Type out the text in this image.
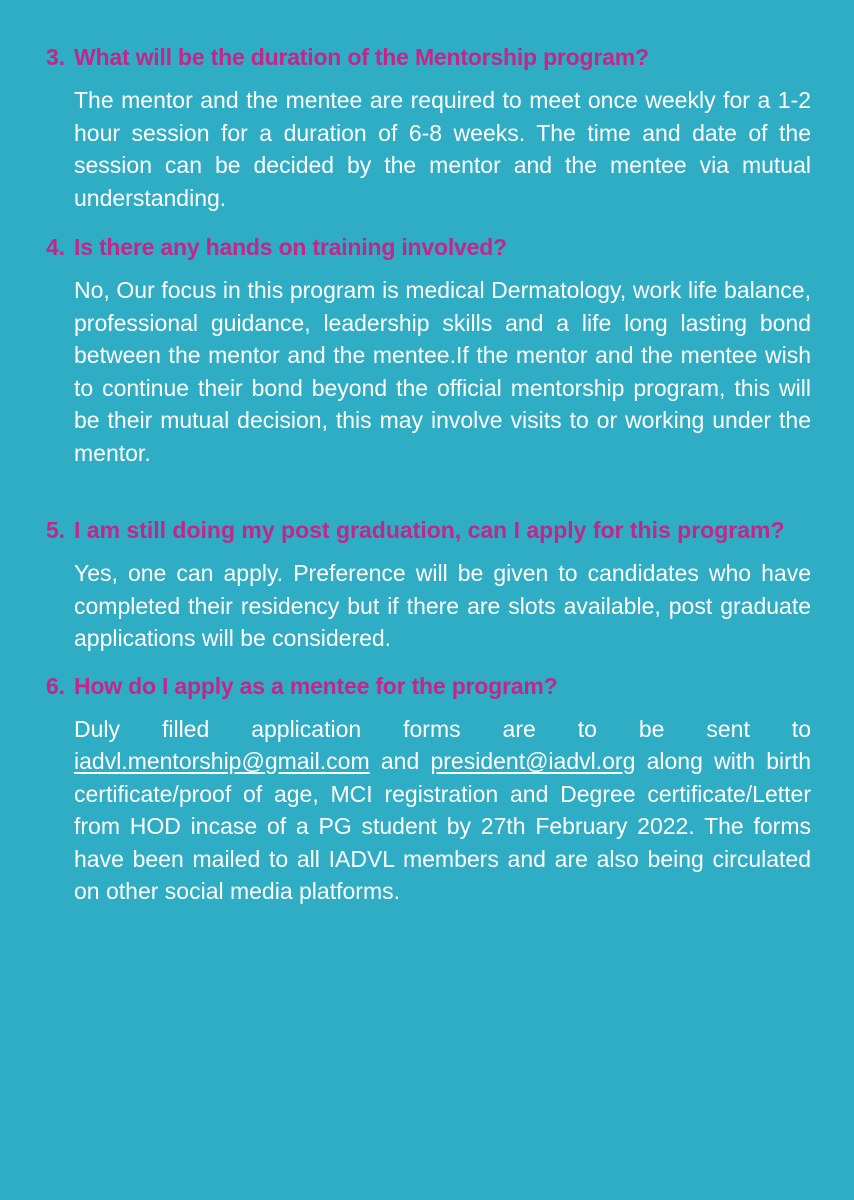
3. What will be the duration of the Mentorship program?
The mentor and the mentee are required to meet once weekly for a 1-2 hour session for a duration of 6-8 weeks. The time and date of the session can be decided by the mentor and the mentee via mutual understanding.
4. Is there any hands on training involved?
No, Our focus in this program is medical Dermatology, work life balance, professional guidance, leadership skills and a life long lasting bond between the mentor and the mentee.If the mentor and the mentee wish to continue their bond beyond the official mentorship program, this will be their mutual decision, this may involve visits to or working under the mentor.
5. I am still doing my post graduation, can I apply for this program?
Yes, one can apply. Preference will be given to candidates who have completed their residency but if there are slots available, post graduate applications will be considered.
6. How do I apply as a mentee for the program?
Duly filled application forms are to be sent to iadvl.mentorship@gmail.com and president@iadvl.org along with birth certificate/proof of age, MCI registration and Degree certificate/Letter from HOD incase of a PG student by 27th February 2022. The forms have been mailed to all IADVL members and are also being circulated on other social media platforms.
